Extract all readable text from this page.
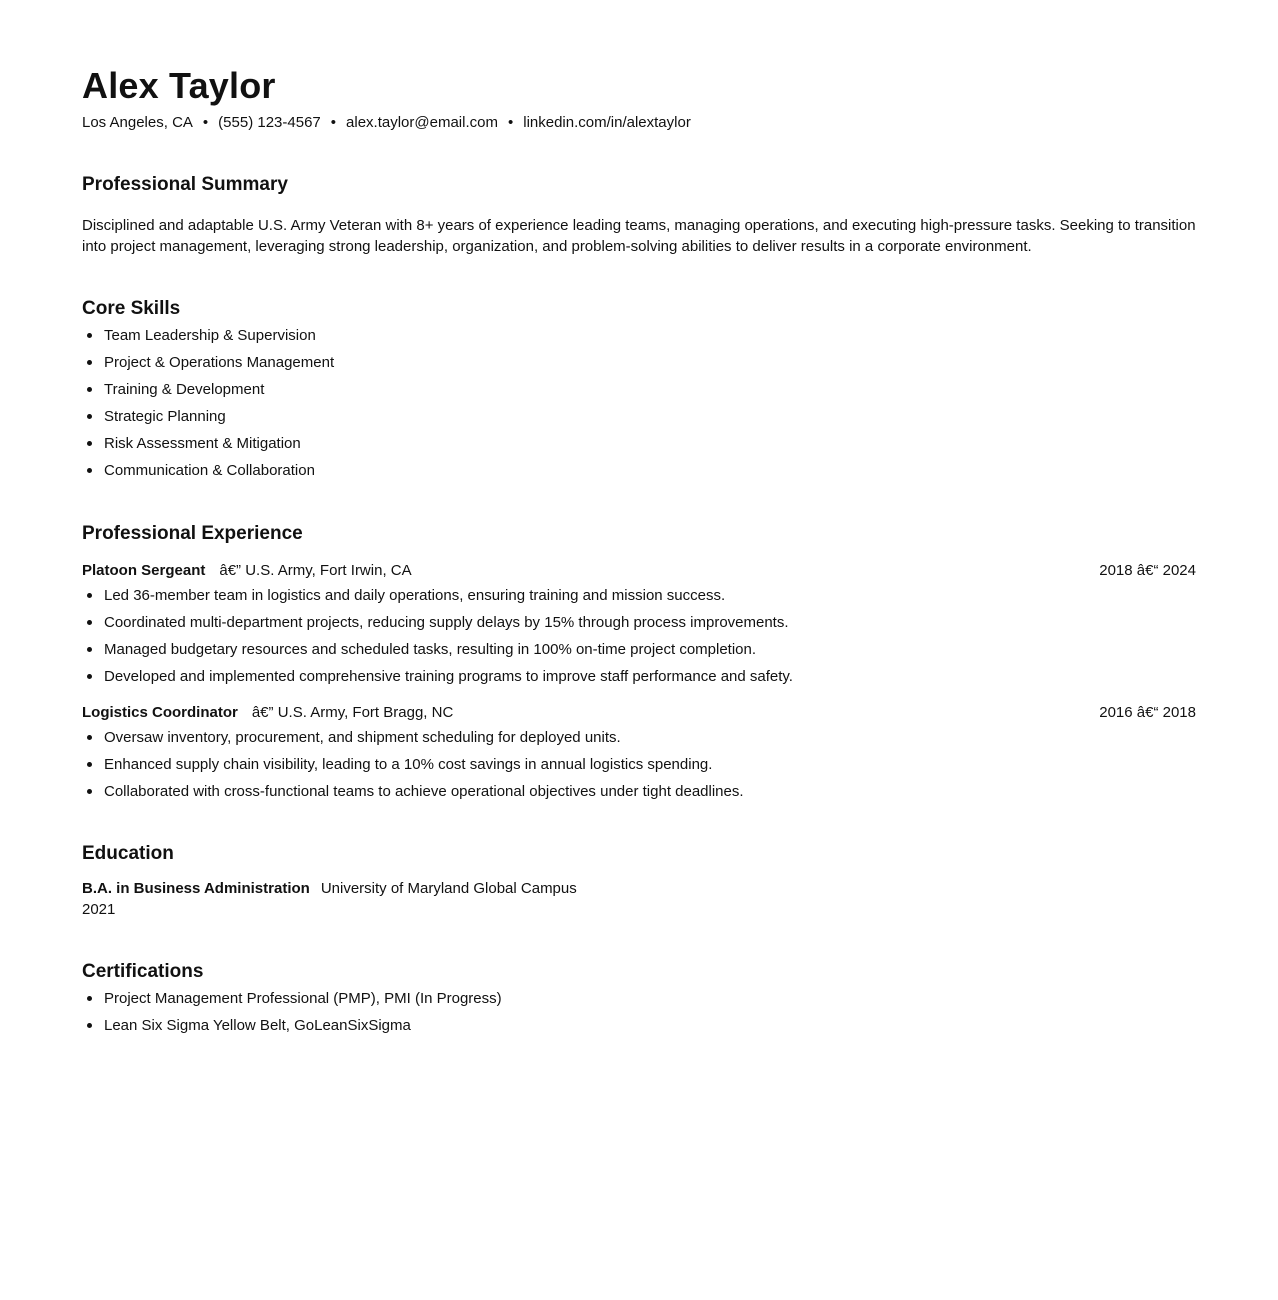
Alex Taylor
Los Angeles, CA • (555) 123-4567 • alex.taylor@email.com • linkedin.com/in/alextaylor
Professional Summary
Disciplined and adaptable U.S. Army Veteran with 8+ years of experience leading teams, managing operations, and executing high-pressure tasks. Seeking to transition into project management, leveraging strong leadership, organization, and problem-solving abilities to deliver results in a corporate environment.
Core Skills
Team Leadership & Supervision
Project & Operations Management
Training & Development
Strategic Planning
Risk Assessment & Mitigation
Communication & Collaboration
Professional Experience
Platoon Sergeant â€” U.S. Army, Fort Irwin, CA	2018 â€“ 2024
Led 36-member team in logistics and daily operations, ensuring training and mission success.
Coordinated multi-department projects, reducing supply delays by 15% through process improvements.
Managed budgetary resources and scheduled tasks, resulting in 100% on-time project completion.
Developed and implemented comprehensive training programs to improve staff performance and safety.
Logistics Coordinator â€” U.S. Army, Fort Bragg, NC	2016 â€“ 2018
Oversaw inventory, procurement, and shipment scheduling for deployed units.
Enhanced supply chain visibility, leading to a 10% cost savings in annual logistics spending.
Collaborated with cross-functional teams to achieve operational objectives under tight deadlines.
Education
B.A. in Business Administration University of Maryland Global Campus
2021
Certifications
Project Management Professional (PMP), PMI (In Progress)
Lean Six Sigma Yellow Belt, GoLeanSixSigma
